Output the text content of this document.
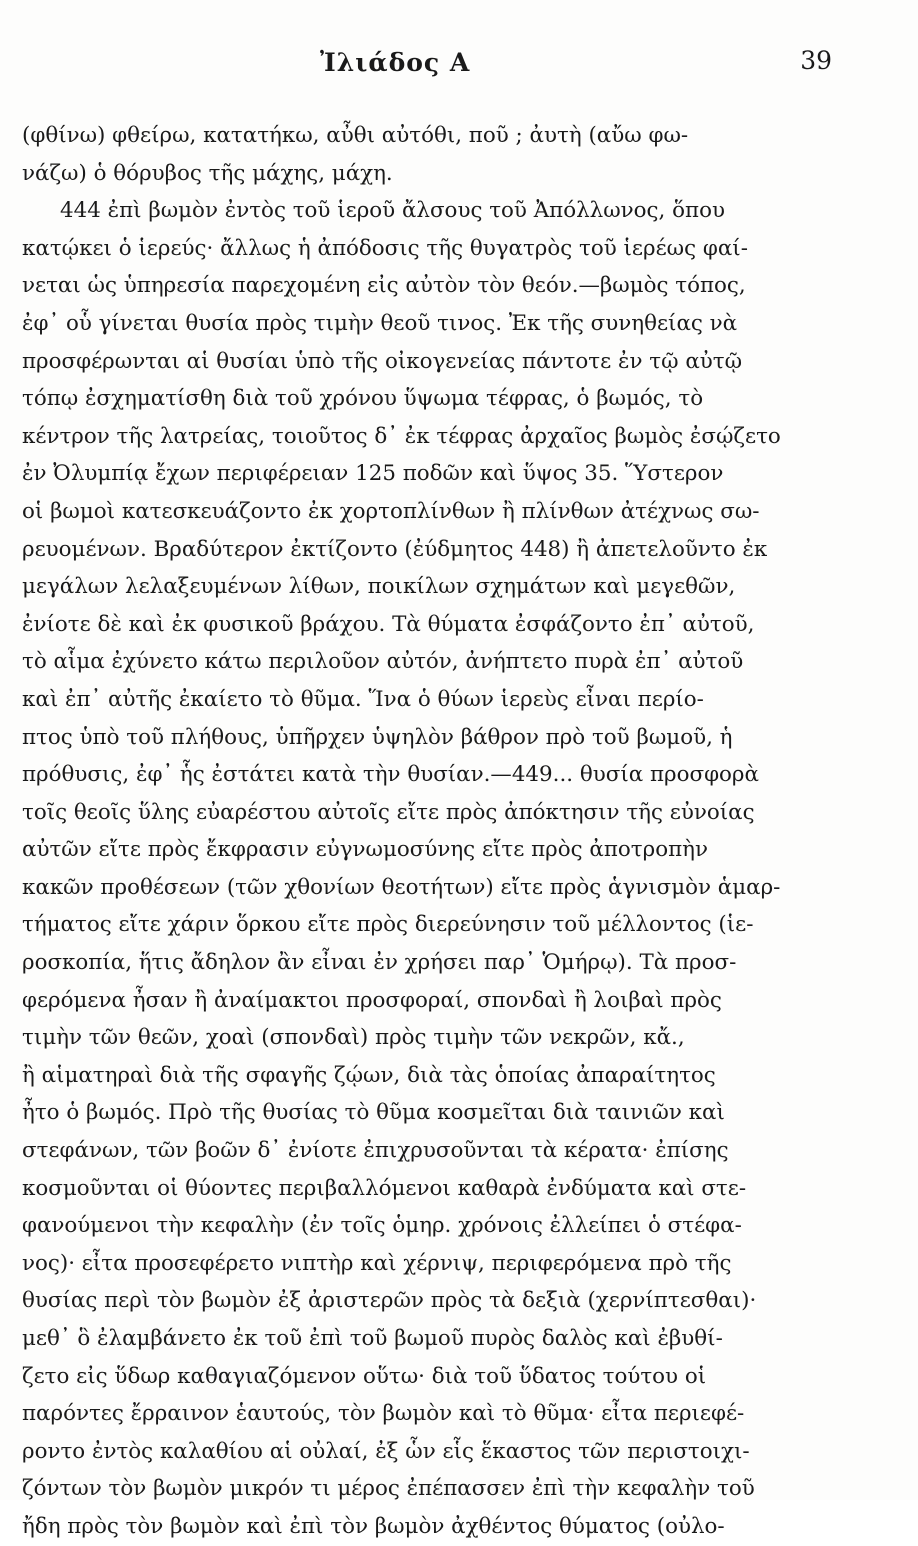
Ἰλιάδος Α	39
(φθίνω) φθείρω, κατατήκω, αὖθι αὐτόθι, ποῦ ; ἀυτὴ (αὔω φω-
νάζω) ὁ θόρυβος τῆς μάχης, μάχη.
444 ἐπὶ βωμὸν ἐντὸς τοῦ ἱεροῦ ἄλσους τοῦ Ἀπόλλωνος, ὅπου
κατῴκει ὁ ἱερεύς· ἄλλως ἡ ἀπόδοσις τῆς θυγατρὸς τοῦ ἱερέως φαί-
νεται ὡς ὑπηρεσία παρεχομένη εἰς αὐτὸν τὸν θεόν.—βωμὸς τόπος,
ἐφ᾽ οὗ γίνεται θυσία πρὸς τιμὴν θεοῦ τινος. Ἐκ τῆς συνηθείας νὰ
προσφέρωνται αἱ θυσίαι ὑπὸ τῆς οἰκογενείας πάντοτε ἐν τῷ αὐτῷ
τόπῳ ἐσχηματίσθη διὰ τοῦ χρόνου ὕψωμα τέφρας, ὁ βωμός, τὸ
κέντρον τῆς λατρείας, τοιοῦτος δ᾽ ἐκ τέφρας ἀρχαῖος βωμὸς ἐσῴζετο
ἐν Ὀλυμπίᾳ ἔχων περιφέρειαν 125 ποδῶν καὶ ὕψος 35. Ὕστερον
οἱ βωμοὶ κατεσκευάζοντο ἐκ χορτοπλίνθων ἢ πλίνθων ἀτέχνως σω-
ρευομένων. Βραδύτερον ἐκτίζοντο (ἐύδμητος 448) ἢ ἀπετελοῦντο ἐκ
μεγάλων λελαξευμένων λίθων, ποικίλων σχημάτων καὶ μεγεθῶν,
ἐνίοτε δὲ καὶ ἐκ φυσικοῦ βράχου. Τὰ θύματα ἐσφάζοντο ἐπ᾽ αὐτοῦ,
τὸ αἷμα ἐχύνετο κάτω περιλοῦον αὐτόν, ἀνήπτετο πυρὰ ἐπ᾽ αὐτοῦ
καὶ ἐπ᾽ αὐτῆς ἐκαίετο τὸ θῦμα. Ἵνα ὁ θύων ἱερεὺς εἶναι περίο-
πτος ὑπὸ τοῦ πλήθους, ὑπῆρχεν ὑψηλὸν βάθρον πρὸ τοῦ βωμοῦ, ἡ
πρόθυσις, ἐφ᾽ ἧς ἐστάτει κατὰ τὴν θυσίαν.—449... θυσία προσφορὰ
τοῖς θεοῖς ὕλης εὐαρέστου αὐτοῖς εἴτε πρὸς ἀπόκτησιν τῆς εὐνοίας
αὐτῶν εἴτε πρὸς ἔκφρασιν εὐγνωμοσύνης εἴτε πρὸς ἀποτροπὴν
κακῶν προθέσεων (τῶν χθονίων θεοτήτων) εἴτε πρὸς ἁγνισμὸν ἁμαρ-
τήματος εἴτε χάριν ὅρκου εἴτε πρὸς διερεύνησιν τοῦ μέλλοντος (ἱε-
ροσκοπία, ἥτις ἄδηλον ἂν εἶναι ἐν χρήσει παρ᾽ Ὁμήρῳ). Τὰ προσ-
φερόμενα ἦσαν ἢ ἀναίμακτοι προσφοραί, σπονδαὶ ἢ λοιβαὶ πρὸς
τιμὴν τῶν θεῶν, χοαὶ (σπονδαὶ) πρὸς τιμὴν τῶν νεκρῶν, κἄ.,
ἢ αἱματηραὶ διὰ τῆς σφαγῆς ζῴων, διὰ τὰς ὁποίας ἀπαραίτητος
ἦτο ὁ βωμός. Πρὸ τῆς θυσίας τὸ θῦμα κοσμεῖται διὰ ταινιῶν καὶ
στεφάνων, τῶν βοῶν δ᾽ ἐνίοτε ἐπιχρυσοῦνται τὰ κέρατα· ἐπίσης
κοσμοῦνται οἱ θύοντες περιβαλλόμενοι καθαρὰ ἐνδύματα καὶ στε-
φανούμενοι τὴν κεφαλὴν (ἐν τοῖς ὁμηρ. χρόνοις ἐλλείπει ὁ στέφα-
νος)· εἶτα προσεφέρετο νιπτὴρ καὶ χέρνιψ, περιφερόμενα πρὸ τῆς
θυσίας περὶ τὸν βωμὸν ἐξ ἀριστερῶν πρὸς τὰ δεξιὰ (χερνίπτεσθαι)·
μεθ᾽ ὃ ἐλαμβάνετο ἐκ τοῦ ἐπὶ τοῦ βωμοῦ πυρὸς δαλὸς καὶ ἐβυθί-
ζετο εἰς ὕδωρ καθαγιαζόμενον οὕτω· διὰ τοῦ ὕδατος τούτου οἱ
παρόντες ἔρραινον ἑαυτούς, τὸν βωμὸν καὶ τὸ θῦμα· εἶτα περιεφέ-
ροντο ἐντὸς καλαθίου αἱ οὐλαί, ἐξ ὧν εἷς ἕκαστος τῶν περιστοιχι-
ζόντων τὸν βωμὸν μικρόν τι μέρος ἐπέπασσεν ἐπὶ τὴν κεφαλὴν τοῦ
ἤδη πρὸς τὸν βωμὸν καὶ ἐπὶ τὸν βωμὸν ἀχθέντος θύματος (οὐλο-
